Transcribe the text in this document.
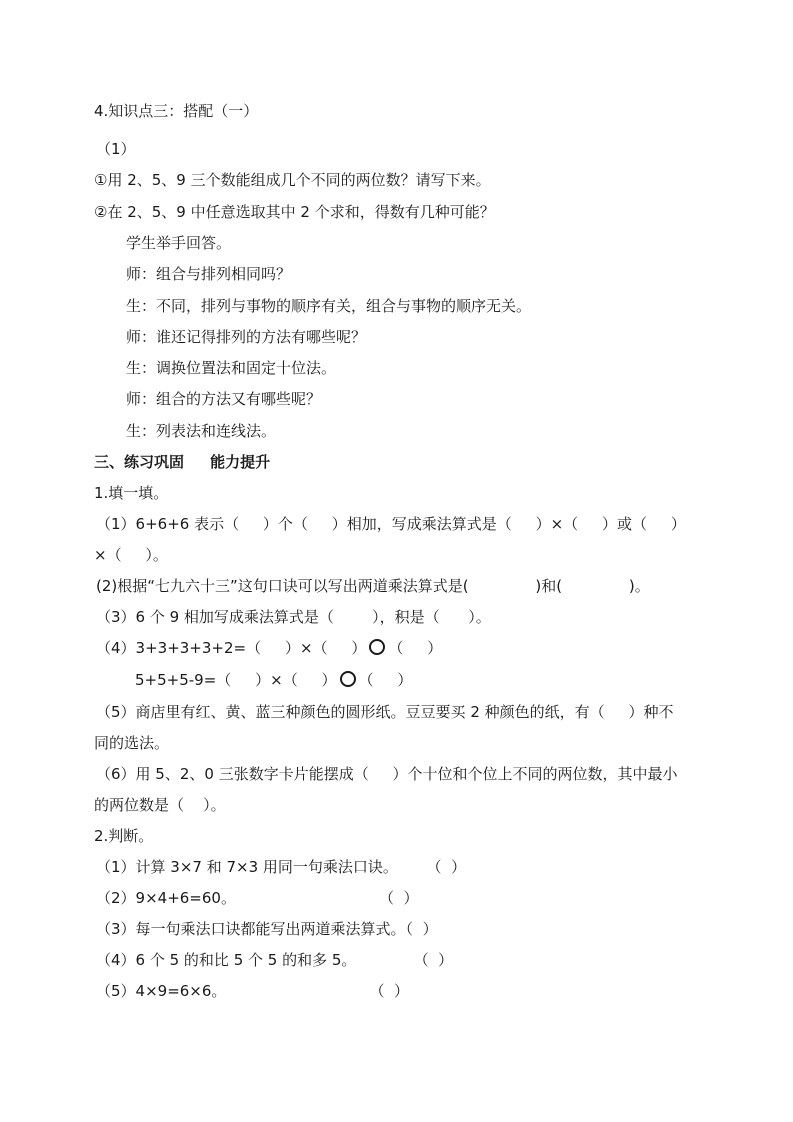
4.知识点三：搭配（一）
（1）
①用 2、5、9 三个数能组成几个不同的两位数？请写下来。
②在 2、5、9 中任意选取其中 2 个求和，得数有几种可能？
学生举手回答。
师：组合与排列相同吗？
生：不同，排列与事物的顺序有关，组合与事物的顺序无关。
师：谁还记得排列的方法有哪些呢？
生：调换位置法和固定十位法。
师：组合的方法又有哪些呢？
生：列表法和连线法。
三、练习巩固     能力提升
1.填一填。
（1）6+6+6 表示（     ）个（     ）相加，写成乘法算式是（     ）×（     ）或（     ）
×（     ）。
(2)根据“七九六十三”这句口诀可以写出两道乘法算式是(              )和(              )。
（3）6 个 9 相加写成乘法算式是（        ），积是（      ）。
（4）3+3+3+3+2=（     ）×（     ） （     ）
5+5+5-9=（     ）×（     ） （     ）
（5）商店里有红、黄、蓝三种颜色的圆形纸。豆豆要买 2 种颜色的纸，有（     ）种不
同的选法。
（6）用 5、2、0 三张数字卡片能摆成（     ）个十位和个位上不同的两位数，其中最小
的两位数是（    ）。
2.判断。
（1）计算 3×7 和 7×3 用同一句乘法口诀。      （  ）
（2）9×4+6=60。                              （  ）
（3）每一句乘法口诀都能写出两道乘法算式。（  ）
（4）6 个 5 的和比 5 个 5 的和多 5。            （  ）
（5）4×9=6×6。                              （  ）
